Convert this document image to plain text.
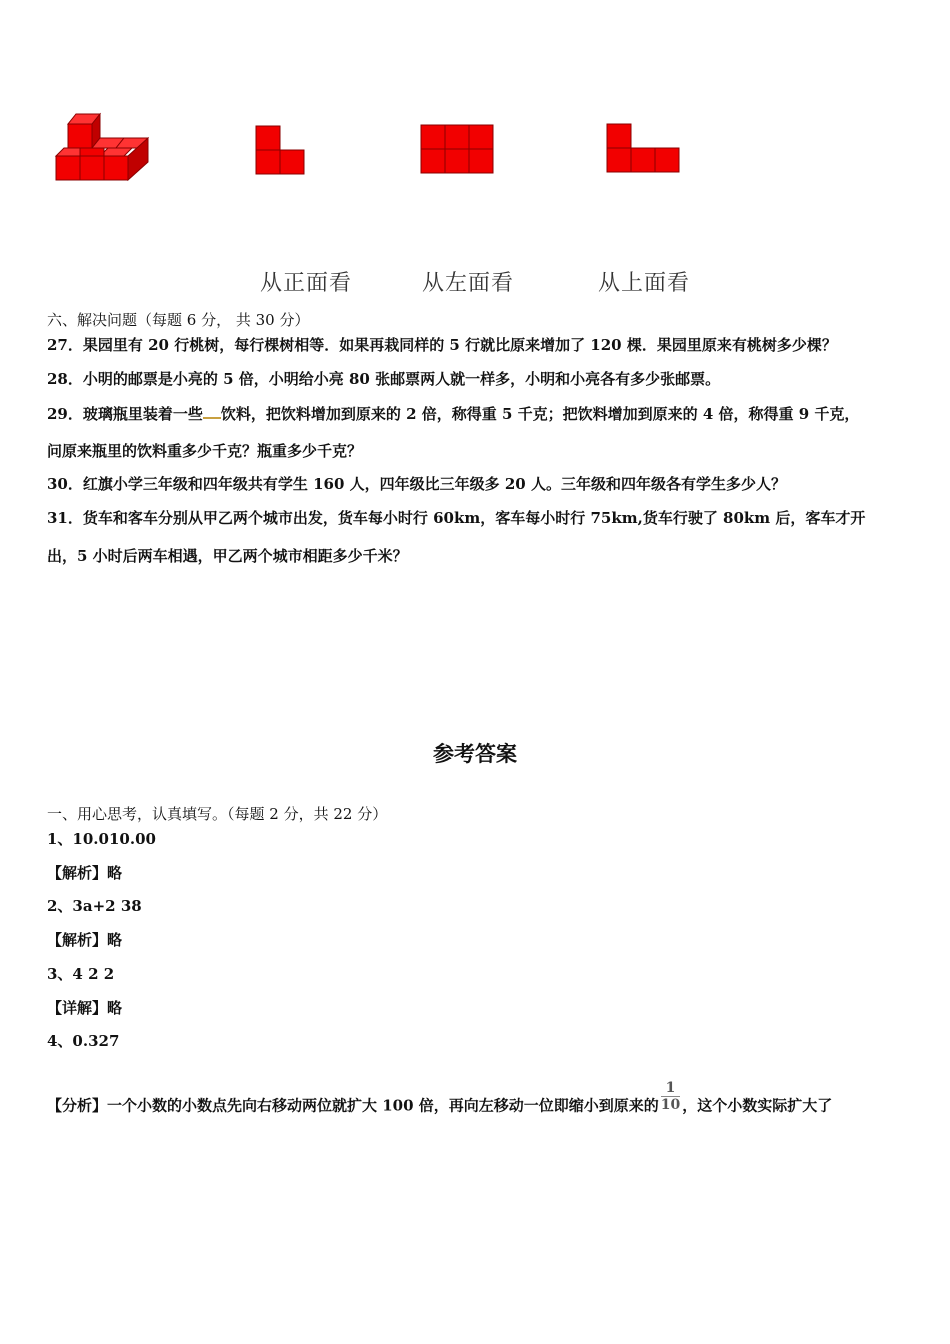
从正面看	从左面看	从上面看
六、解决问题（每题 6 分， 共 30 分）
27．果园里有 20 行桃树，每行棵树相等．如果再栽同样的 5 行就比原来增加了 120 棵．果园里原来有桃树多少棵？
28．小明的邮票是小亮的 5 倍，小明给小亮 80 张邮票两人就一样多，小明和小亮各有多少张邮票。
29．玻璃瓶里装着一些 饮料，把饮料增加到原来的 2 倍，称得重 5 千克；把饮料增加到原来的 4 倍，称得重 9 千克，
问原来瓶里的饮料重多少千克？瓶重多少千克？
30．红旗小学三年级和四年级共有学生 160 人，四年级比三年级多 20 人。三年级和四年级各有学生多少人？
31．货车和客车分别从甲乙两个城市出发，货车每小时行 60km，客车每小时行 75km,货车行驶了 80km 后，客车才开
出，5 小时后两车相遇，甲乙两个城市相距多少千米？
参考答案
一、用心思考，认真填写。（每题 2 分，共 22 分）
1、10.010.00
【解析】略
2、3a+2 38
【解析】略
3、4 2 2
【详解】略
4、0.327
【分析】一个小数的小数点先向右移动两位就扩大 100 倍，再向左移动一位即缩小到原来的 $\frac{1}{10}$ ，这个小数实际扩大了
